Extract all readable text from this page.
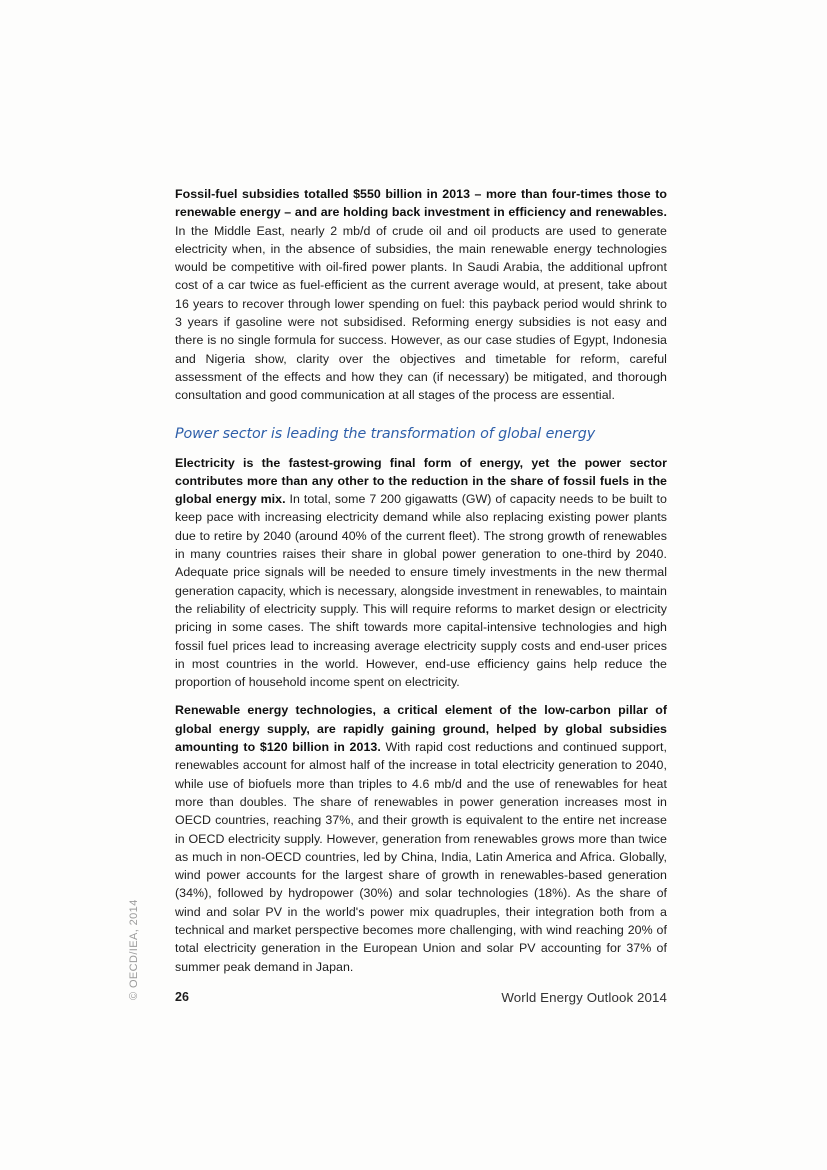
Fossil-fuel subsidies totalled $550 billion in 2013 – more than four-times those to renewable energy – and are holding back investment in efficiency and renewables. In the Middle East, nearly 2 mb/d of crude oil and oil products are used to generate electricity when, in the absence of subsidies, the main renewable energy technologies would be competitive with oil-fired power plants. In Saudi Arabia, the additional upfront cost of a car twice as fuel-efficient as the current average would, at present, take about 16 years to recover through lower spending on fuel: this payback period would shrink to 3 years if gasoline were not subsidised. Reforming energy subsidies is not easy and there is no single formula for success. However, as our case studies of Egypt, Indonesia and Nigeria show, clarity over the objectives and timetable for reform, careful assessment of the effects and how they can (if necessary) be mitigated, and thorough consultation and good communication at all stages of the process are essential.

Power sector is leading the transformation of global energy

Electricity is the fastest-growing final form of energy, yet the power sector contributes more than any other to the reduction in the share of fossil fuels in the global energy mix. In total, some 7 200 gigawatts (GW) of capacity needs to be built to keep pace with increasing electricity demand while also replacing existing power plants due to retire by 2040 (around 40% of the current fleet). The strong growth of renewables in many countries raises their share in global power generation to one-third by 2040. Adequate price signals will be needed to ensure timely investments in the new thermal generation capacity, which is necessary, alongside investment in renewables, to maintain the reliability of electricity supply. This will require reforms to market design or electricity pricing in some cases. The shift towards more capital-intensive technologies and high fossil fuel prices lead to increasing average electricity supply costs and end-user prices in most countries in the world. However, end-use efficiency gains help reduce the proportion of household income spent on electricity.

Renewable energy technologies, a critical element of the low-carbon pillar of global energy supply, are rapidly gaining ground, helped by global subsidies amounting to $120 billion in 2013. With rapid cost reductions and continued support, renewables account for almost half of the increase in total electricity generation to 2040, while use of biofuels more than triples to 4.6 mb/d and the use of renewables for heat more than doubles. The share of renewables in power generation increases most in OECD countries, reaching 37%, and their growth is equivalent to the entire net increase in OECD electricity supply. However, generation from renewables grows more than twice as much in non-OECD countries, led by China, India, Latin America and Africa. Globally, wind power accounts for the largest share of growth in renewables-based generation (34%), followed by hydropower (30%) and solar technologies (18%). As the share of wind and solar PV in the world's power mix quadruples, their integration both from a technical and market perspective becomes more challenging, with wind reaching 20% of total electricity generation in the European Union and solar PV accounting for 37% of summer peak demand in Japan.

26	World Energy Outlook 2014
© OECD/IEA, 2014
